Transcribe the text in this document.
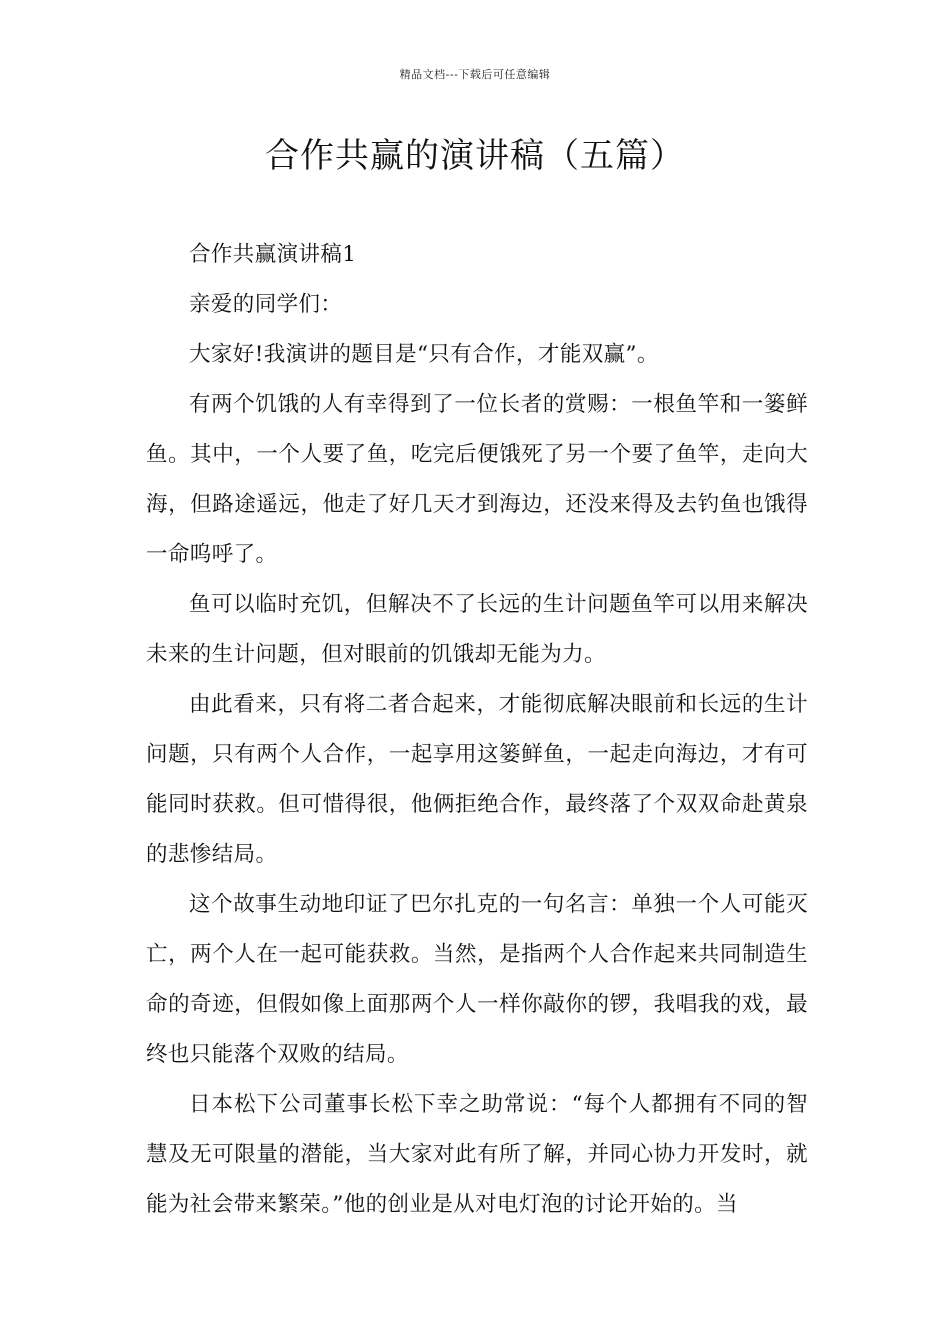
精品文档---下载后可任意编辑
合作共赢的演讲稿（五篇）

合作共赢演讲稿1

亲爱的同学们：

大家好!我演讲的题目是“只有合作，才能双赢”。

有两个饥饿的人有幸得到了一位长者的赏赐：一根鱼竿和一篓鲜鱼。其中，一个人要了鱼，吃完后便饿死了另一个要了鱼竿，走向大海，但路途遥远，他走了好几天才到海边，还没来得及去钓鱼也饿得一命呜呼了。

鱼可以临时充饥，但解决不了长远的生计问题鱼竿可以用来解决未来的生计问题，但对眼前的饥饿却无能为力。

由此看来，只有将二者合起来，才能彻底解决眼前和长远的生计问题，只有两个人合作，一起享用这篓鲜鱼，一起走向海边，才有可能同时获救。但可惜得很，他俩拒绝合作，最终落了个双双命赴黄泉的悲惨结局。

这个故事生动地印证了巴尔扎克的一句名言：单独一个人可能灭亡，两个人在一起可能获救。当然，是指两个人合作起来共同制造生命的奇迹，但假如像上面那两个人一样你敲你的锣，我唱我的戏，最终也只能落个双败的结局。

日本松下公司董事长松下幸之助常说：“每个人都拥有不同的智慧及无可限量的潜能，当大家对此有所了解，并同心协力开发时，就能为社会带来繁荣。”他的创业是从对电灯泡的讨论开始的。当
